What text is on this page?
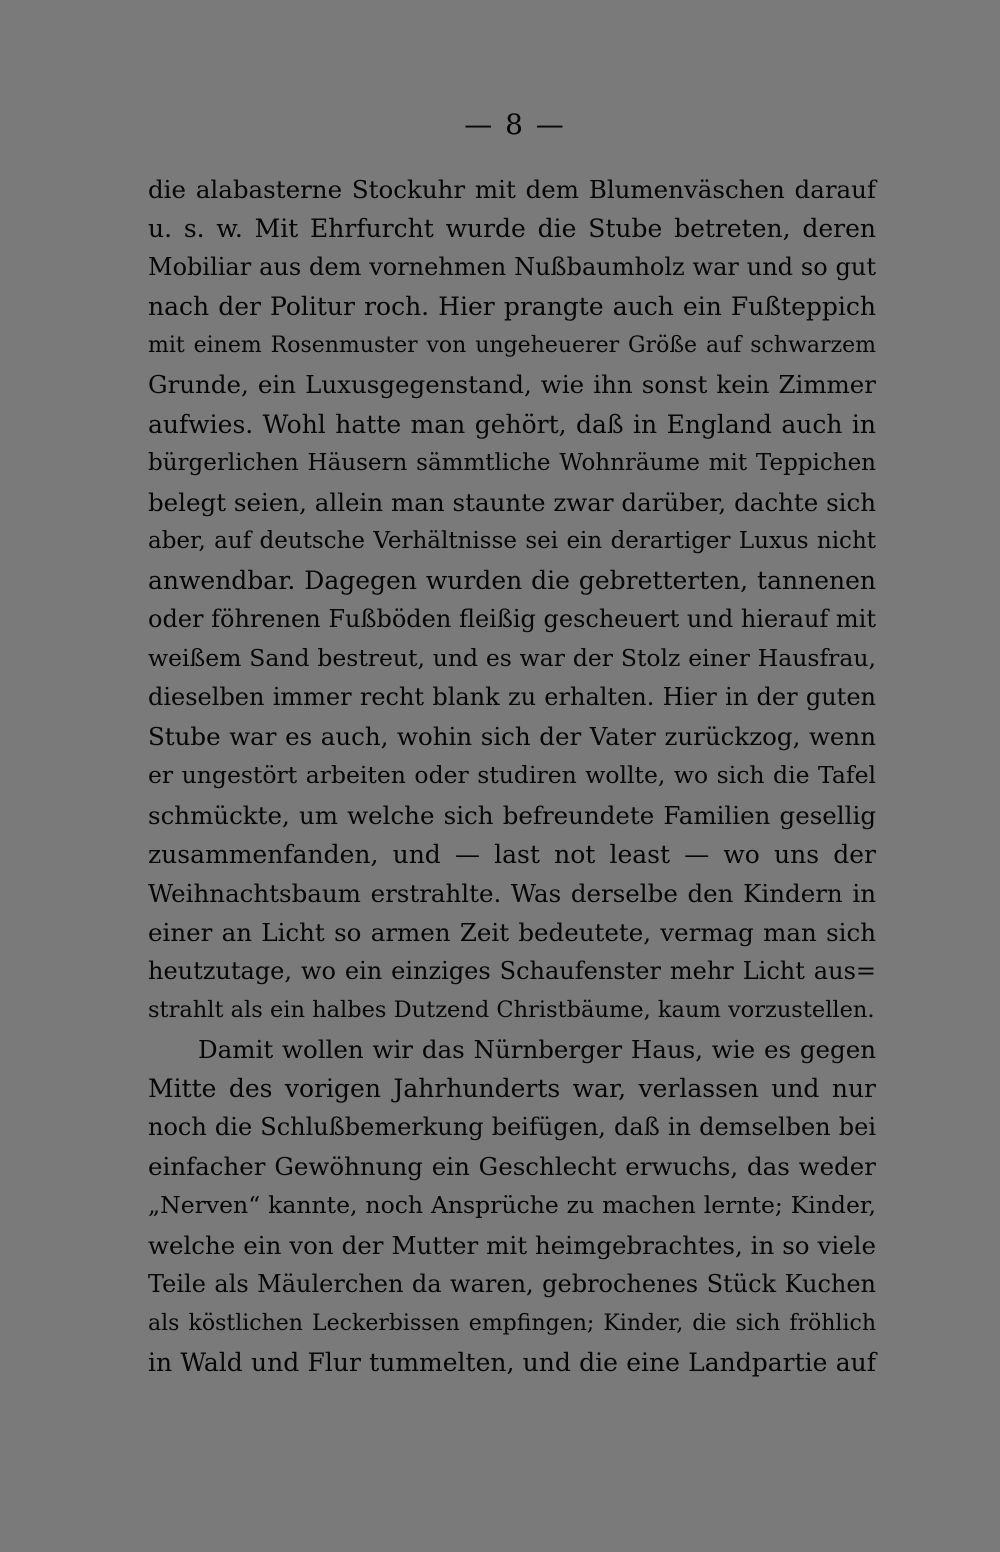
— 8 —
die alabasterne Stockuhr mit dem Blumenväschen darauf
u. s. w. Mit Ehrfurcht wurde die Stube betreten, deren
Mobiliar aus dem vornehmen Nußbaumholz war und so gut
nach der Politur roch. Hier prangte auch ein Fußteppich
mit einem Rosenmuster von ungeheuerer Größe auf schwarzem
Grunde, ein Luxusgegenstand, wie ihn sonst kein Zimmer
aufwies. Wohl hatte man gehört, daß in England auch in
bürgerlichen Häusern sämmtliche Wohnräume mit Teppichen
belegt seien, allein man staunte zwar darüber, dachte sich
aber, auf deutsche Verhältnisse sei ein derartiger Luxus nicht
anwendbar. Dagegen wurden die gebretterten, tannenen
oder föhrenen Fußböden fleißig gescheuert und hierauf mit
weißem Sand bestreut, und es war der Stolz einer Hausfrau,
dieselben immer recht blank zu erhalten. Hier in der guten
Stube war es auch, wohin sich der Vater zurückzog, wenn
er ungestört arbeiten oder studiren wollte, wo sich die Tafel
schmückte, um welche sich befreundete Familien gesellig
zusammenfanden, und — last not least — wo uns der
Weihnachtsbaum erstrahlte. Was derselbe den Kindern in
einer an Licht so armen Zeit bedeutete, vermag man sich
heutzutage, wo ein einziges Schaufenster mehr Licht aus=
strahlt als ein halbes Dutzend Christbäume, kaum vorzustellen.
Damit wollen wir das Nürnberger Haus, wie es gegen
Mitte des vorigen Jahrhunderts war, verlassen und nur
noch die Schlußbemerkung beifügen, daß in demselben bei
einfacher Gewöhnung ein Geschlecht erwuchs, das weder
„Nerven“ kannte, noch Ansprüche zu machen lernte; Kinder,
welche ein von der Mutter mit heimgebrachtes, in so viele
Teile als Mäulerchen da waren, gebrochenes Stück Kuchen
als köstlichen Leckerbissen empfingen; Kinder, die sich fröhlich
in Wald und Flur tummelten, und die eine Landpartie auf
